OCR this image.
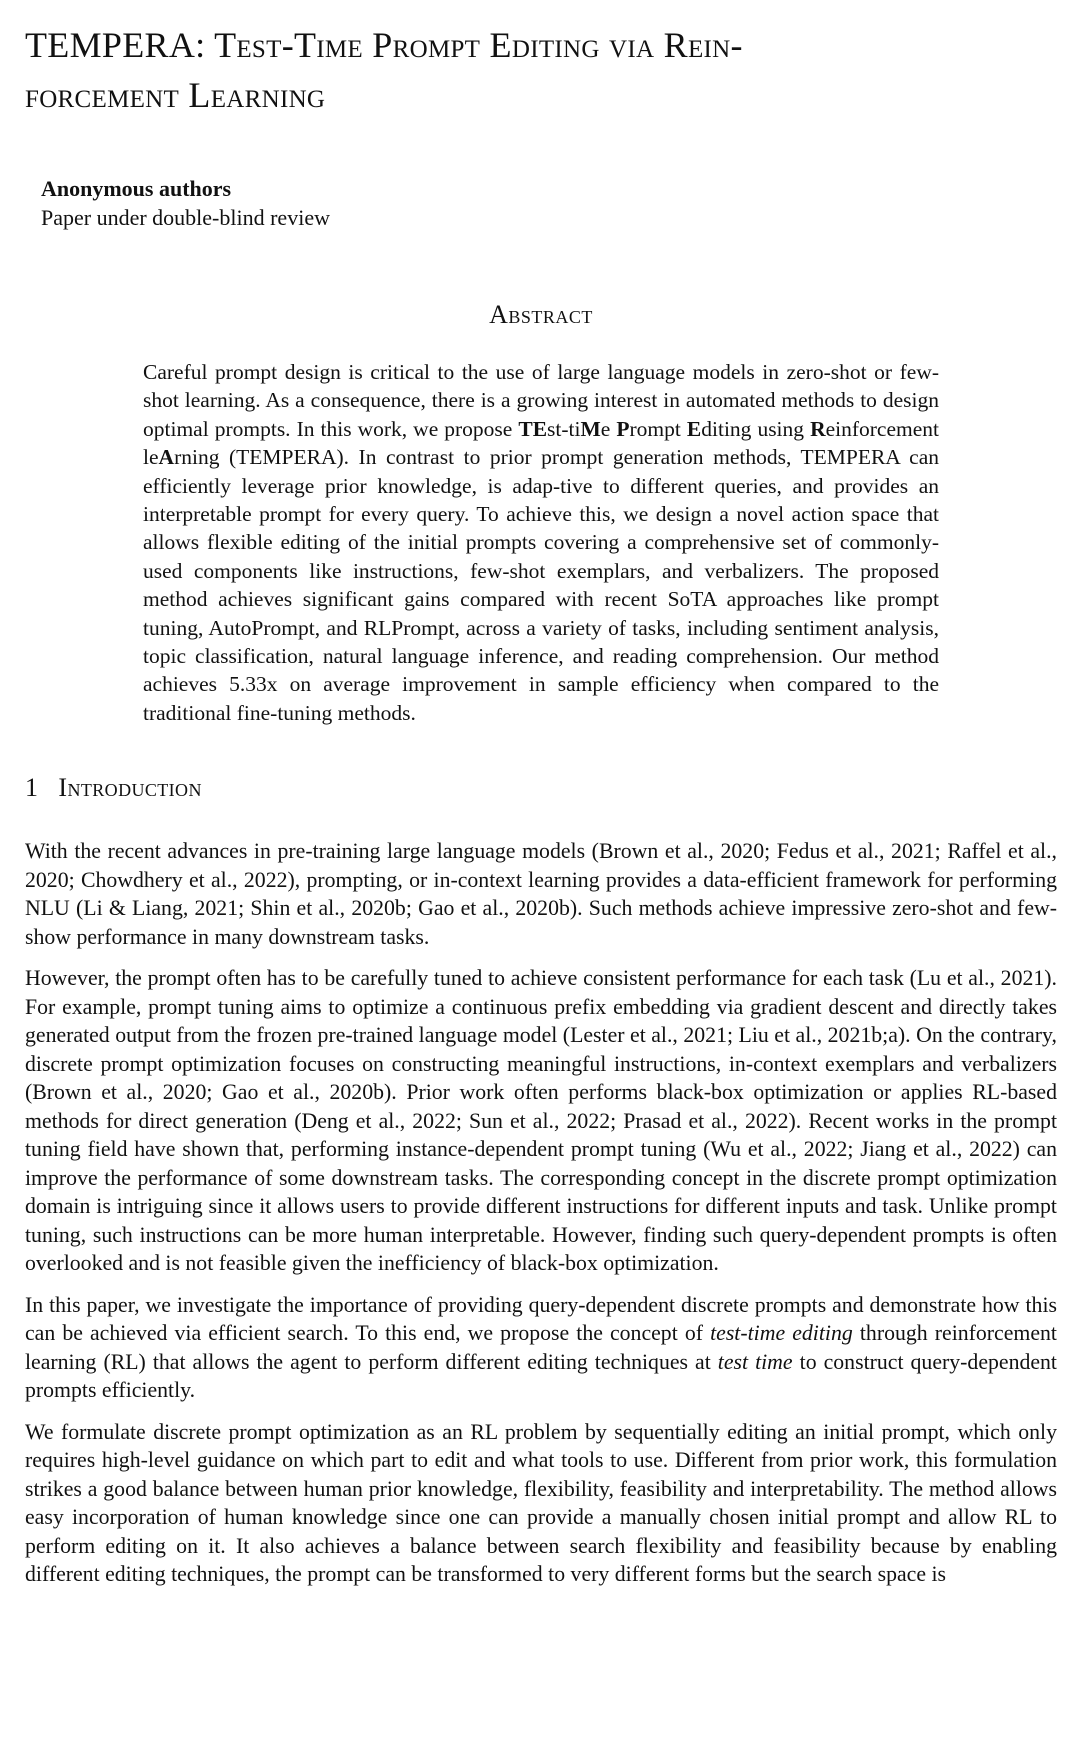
TEMPERA: Test-Time Prompt Editing via Rein-
forcement Learning
Anonymous authors
Paper under double-blind review
Abstract

Careful prompt design is critical to the use of large language models in zero-shot or few-shot learning. As a consequence, there is a growing interest in automated methods to design optimal prompts. In this work, we propose TEst-tiMe Prompt Editing using Reinforcement leArning (TEMPERA). In contrast to prior prompt generation methods, TEMPERA can efficiently leverage prior knowledge, is adap-tive to different queries, and provides an interpretable prompt for every query. To achieve this, we design a novel action space that allows flexible editing of the initial prompts covering a comprehensive set of commonly-used components like instructions, few-shot exemplars, and verbalizers. The proposed method achieves significant gains compared with recent SoTA approaches like prompt tuning, AutoPrompt, and RLPrompt, across a variety of tasks, including sentiment analysis, topic classification, natural language inference, and reading comprehension. Our method achieves 5.33x on average improvement in sample efficiency when compared to the traditional fine-tuning methods.

1 Introduction

With the recent advances in pre-training large language models (Brown et al., 2020; Fedus et al., 2021; Raffel et al., 2020; Chowdhery et al., 2022), prompting, or in-context learning provides a data-efficient framework for performing NLU (Li & Liang, 2021; Shin et al., 2020b; Gao et al., 2020b). Such methods achieve impressive zero-shot and few-show performance in many downstream tasks.

However, the prompt often has to be carefully tuned to achieve consistent performance for each task (Lu et al., 2021). For example, prompt tuning aims to optimize a continuous prefix embedding via gradient descent and directly takes generated output from the frozen pre-trained language model (Lester et al., 2021; Liu et al., 2021b;a). On the contrary, discrete prompt optimization focuses on constructing meaningful instructions, in-context exemplars and verbalizers (Brown et al., 2020; Gao et al., 2020b). Prior work often performs black-box optimization or applies RL-based methods for direct generation (Deng et al., 2022; Sun et al., 2022; Prasad et al., 2022). Recent works in the prompt tuning field have shown that, performing instance-dependent prompt tuning (Wu et al., 2022; Jiang et al., 2022) can improve the performance of some downstream tasks. The corresponding concept in the discrete prompt optimization domain is intriguing since it allows users to provide different instructions for different inputs and task. Unlike prompt tuning, such instructions can be more human interpretable. However, finding such query-dependent prompts is often overlooked and is not feasible given the inefficiency of black-box optimization.

In this paper, we investigate the importance of providing query-dependent discrete prompts and demonstrate how this can be achieved via efficient search. To this end, we propose the concept of test-time editing through reinforcement learning (RL) that allows the agent to perform different editing techniques at test time to construct query-dependent prompts efficiently.

We formulate discrete prompt optimization as an RL problem by sequentially editing an initial prompt, which only requires high-level guidance on which part to edit and what tools to use. Different from prior work, this formulation strikes a good balance between human prior knowledge, flexibility, feasibility and interpretability. The method allows easy incorporation of human knowledge since one can provide a manually chosen initial prompt and allow RL to perform editing on it. It also achieves a balance between search flexibility and feasibility because by enabling different editing techniques, the prompt can be transformed to very different forms but the search space is
